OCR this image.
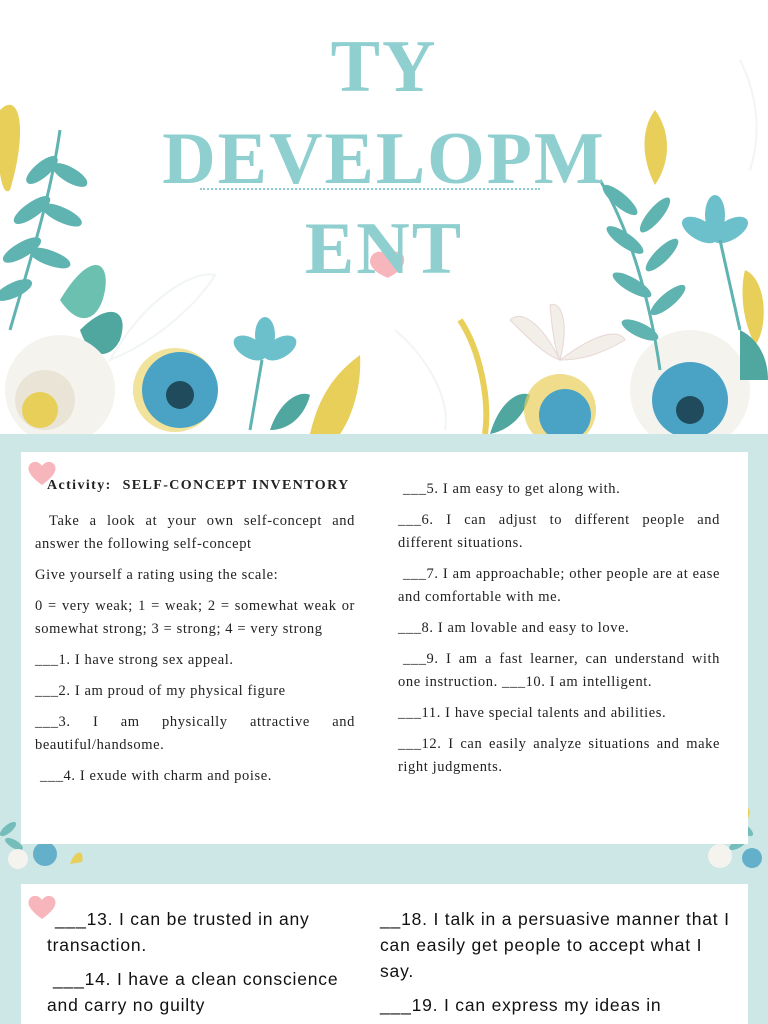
TY
DEVELOPM
ENT

Activity: SELF-CONCEPT INVENTORY

Take a look at your own self-concept and answer the following self-concept

Give yourself a rating using the scale:

0 = very weak; 1 = weak; 2 = somewhat weak or somewhat strong; 3 = strong; 4 = very strong

___1. I have strong sex appeal.

___2. I am proud of my physical figure

___3. I am physically attractive and beautiful/handsome.

___4. I exude with charm and poise.

___5. I am easy to get along with.

___6. I can adjust to different people and different situations.

___7. I am approachable; other people are at ease and comfortable with me.

___8. I am lovable and easy to love.

___9. I am a fast learner, can understand with one instruction. ___10. I am intelligent.

___11. I have special talents and abilities.

___12. I can easily analyze situations and make right judgments.

___13. I can be trusted in any transaction.

___14. I have a clean conscience and carry no guilty

__18. I talk in a persuasive manner that I can easily get people to accept what I say.

___19. I can express my ideas in
